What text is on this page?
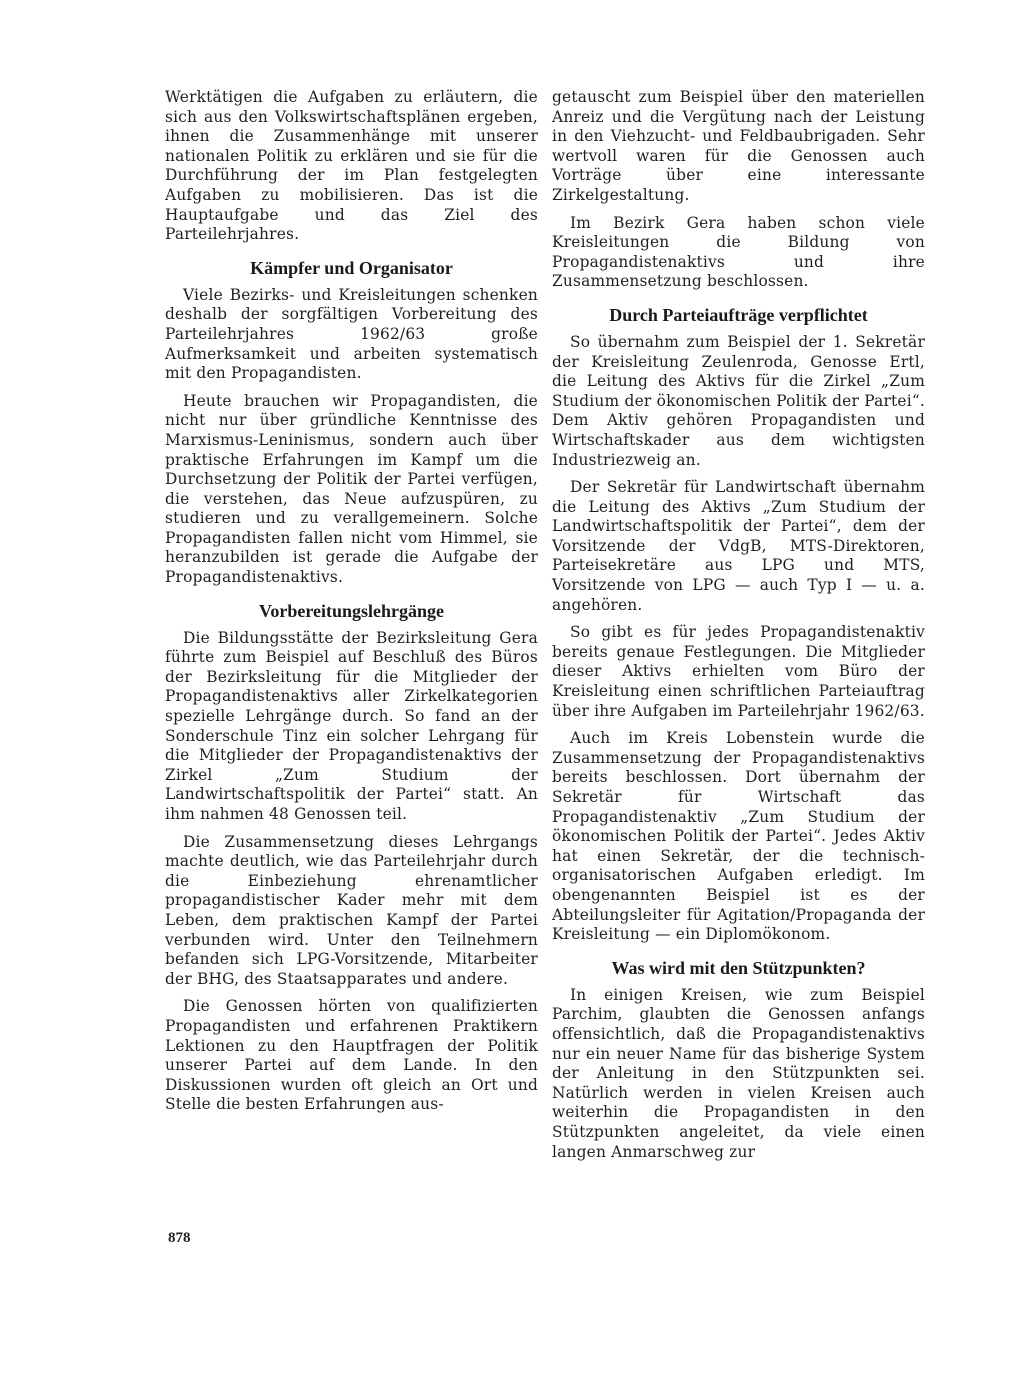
Werktätigen die Aufgaben zu erläutern, die sich aus den Volkswirtschaftsplänen ergeben, ihnen die Zusammenhänge mit unserer nationalen Politik zu erklären und sie für die Durchführung der im Plan festgelegten Aufgaben zu mobilisieren. Das ist die Hauptaufgabe und das Ziel des Parteilehrjahres.

Kämpfer und Organisator

Viele Bezirks- und Kreisleitungen schenken deshalb der sorgfältigen Vorbereitung des Parteilehrjahres 1962/63 große Aufmerksamkeit und arbeiten systematisch mit den Propagandisten.

Heute brauchen wir Propagandisten, die nicht nur über gründliche Kenntnisse des Marxismus-Leninismus, sondern auch über praktische Erfahrungen im Kampf um die Durchsetzung der Politik der Partei verfügen, die verstehen, das Neue aufzuspüren, zu studieren und zu verallgemeinern. Solche Propagandisten fallen nicht vom Himmel, sie heranzubilden ist gerade die Aufgabe der Propagandistenaktivs.

Vorbereitungslehrgänge

Die Bildungsstätte der Bezirksleitung Gera führte zum Beispiel auf Beschluß des Büros der Bezirksleitung für die Mitglieder der Propagandistenaktivs aller Zirkelkategorien spezielle Lehrgänge durch. So fand an der Sonderschule Tinz ein solcher Lehrgang für die Mitglieder der Propagandistenaktivs der Zirkel „Zum Studium der Landwirtschaftspolitik der Partei“ statt. An ihm nahmen 48 Genossen teil.

Die Zusammensetzung dieses Lehrgangs machte deutlich, wie das Parteilehrjahr durch die Einbeziehung ehrenamtlicher propagandistischer Kader mehr mit dem Leben, dem praktischen Kampf der Partei verbunden wird. Unter den Teilnehmern befanden sich LPG-Vorsitzende, Mitarbeiter der BHG, des Staatsapparates und andere.

Die Genossen hörten von qualifizierten Propagandisten und erfahrenen Praktikern Lektionen zu den Hauptfragen der Politik unserer Partei auf dem Lande. In den Diskussionen wurden oft gleich an Ort und Stelle die besten Erfahrungen aus-

getauscht zum Beispiel über den materiellen Anreiz und die Vergütung nach der Leistung in den Viehzucht- und Feldbaubrigaden. Sehr wertvoll waren für die Genossen auch Vorträge über eine interessante Zirkelgestaltung.

Im Bezirk Gera haben schon viele Kreisleitungen die Bildung von Propagandistenaktivs und ihre Zusammensetzung beschlossen.

Durch Parteiaufträge verpflichtet

So übernahm zum Beispiel der 1. Sekretär der Kreisleitung Zeulenroda, Genosse Ertl, die Leitung des Aktivs für die Zirkel „Zum Studium der ökonomischen Politik der Partei“. Dem Aktiv gehören Propagandisten und Wirtschaftskader aus dem wichtigsten Industriezweig an.

Der Sekretär für Landwirtschaft übernahm die Leitung des Aktivs „Zum Studium der Landwirtschaftspolitik der Partei“, dem der Vorsitzende der VdgB, MTS-Direktoren, Parteisekretäre aus LPG und MTS, Vorsitzende von LPG — auch Typ I — u. a. angehören.

So gibt es für jedes Propagandistenaktiv bereits genaue Festlegungen. Die Mitglieder dieser Aktivs erhielten vom Büro der Kreisleitung einen schriftlichen Parteiauftrag über ihre Aufgaben im Parteilehrjahr 1962/63.

Auch im Kreis Lobenstein wurde die Zusammensetzung der Propagandistenaktivs bereits beschlossen. Dort übernahm der Sekretär für Wirtschaft das Propagandistenaktiv „Zum Studium der ökonomischen Politik der Partei“. Jedes Aktiv hat einen Sekretär, der die technisch-organisatorischen Aufgaben erledigt. Im obengenannten Beispiel ist es der Abteilungsleiter für Agitation/Propaganda der Kreisleitung — ein Diplomökonom.

Was wird mit den Stützpunkten?

In einigen Kreisen, wie zum Beispiel Parchim, glaubten die Genossen anfangs offensichtlich, daß die Propagandistenaktivs nur ein neuer Name für das bisherige System der Anleitung in den Stützpunkten sei. Natürlich werden in vielen Kreisen auch weiterhin die Propagandisten in den Stützpunkten angeleitet, da viele einen langen Anmarschweg zur

878
